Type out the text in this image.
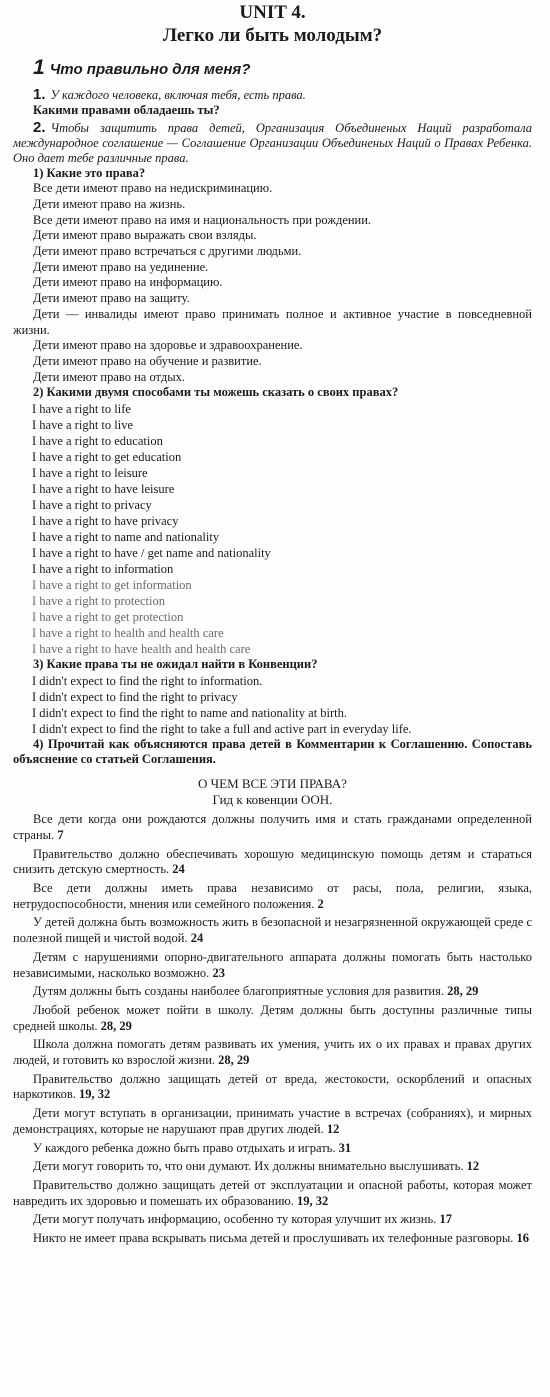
UNIT 4.
Легко ли быть молодым?
1 Что правильно для меня?

1. У каждого человека, включая тебя, есть права.

Какими правами обладаешь ты?

2. Чтобы защитить права детей, Организация Объединеных Наций разработала международное соглашение — Соглашение Организации Объединеных Наций о Правах Ребенка. Оно дает тебе различные права.

1) Какие это права?

Все дети имеют право на недискриминацию.

Дети имеют право на жизнь.

Все дети имеют право на имя и национальность при рождении.

Дети имеют право выражать свои взляды.

Дети имеют право встречаться с другими людьми.

Дети имеют право на уединение.

Дети имеют право на информацию.

Дети имеют право на защиту.

Дети — инвалиды имеют право принимать полное и активное участие в повседневной жизни.

Дети имеют право на здоровье и здравоохранение.

Дети имеют право на обучение и развитие.

Дети имеют право на отдых.

2) Какими двумя способами ты можешь сказать о своих правах?

I have a right to life

I have a right to live

I have a right to education

I have a right to get education

I have a right to leisure

I have a right to have leisure

I have a right to privacy

I have a right to have privacy

I have a right to name and nationality

I have a right to have / get name and nationality

I have a right to information

I have a right to get information

I have a right to protection

I have a right to get protection

I have a right to health and health care

I have a right to have health and health care

3) Какие права ты не ожидал найти в Конвенции?

I didn't expect to find the right to information.

I didn't expect to find the right to privacy

I didn't expect to find the right to name and nationality at birth.

I didn't expect to find the right to take a full and active part in everyday life.

4) Прочитай как объясняются права детей в Комментарии к Соглашению. Сопоставь объяснение со статьей Соглашения.

О ЧЕМ ВСЕ ЭТИ ПРАВА?

Гид к ковенции ООН.

Все дети когда они рождаются должны получить имя и стать гражданами определенной страны. 7

Правительство должно обеспечивать хорошую медицинскую помощь детям и стараться снизить детскую смертность. 24

Все дети должны иметь права независимо от расы, пола, религии, языка, нетрудоспособности, мнения или семейного положения. 2

У детей должна быть возможность жить в безопасной и незагрязненной окружающей среде с полезной пищей и чистой водой. 24

Детям с нарушениями опорно-двигательного аппарата должны помогать быть настолько независимыми, насколько возможно. 23

Дутям должны быть созданы наиболее благоприятные условия для развития. 28, 29

Любой ребенок может пойти в школу. Детям должны быть доступны различные типы средней школы. 28, 29

Школа должна помогать детям развивать их умения, учить их о их правах и правах других людей, и готовить ко взрослой жизни. 28, 29

Правительство должно защищать детей от вреда, жестокости, оскорблений и опасных наркотиков. 19, 32

Дети могут вступать в организации, принимать участие в встречах (собраниях), и мирных демонстрациях, которые не нарушают прав других людей. 12

У каждого ребенка дожно быть право отдыхать и играть. 31

Дети могут говорить то, что они думают. Их должны внимательно выслушивать. 12

Правительство должно защищать детей от эксплуатации и опасной работы, которая может навредить их здоровью и помешать их образованию. 19, 32

Дети могут получать информацию, особенно ту которая улучшит их жизнь. 17

Никто не имеет права вскрывать письма детей и прослушивать их телефонные разговоры. 16
